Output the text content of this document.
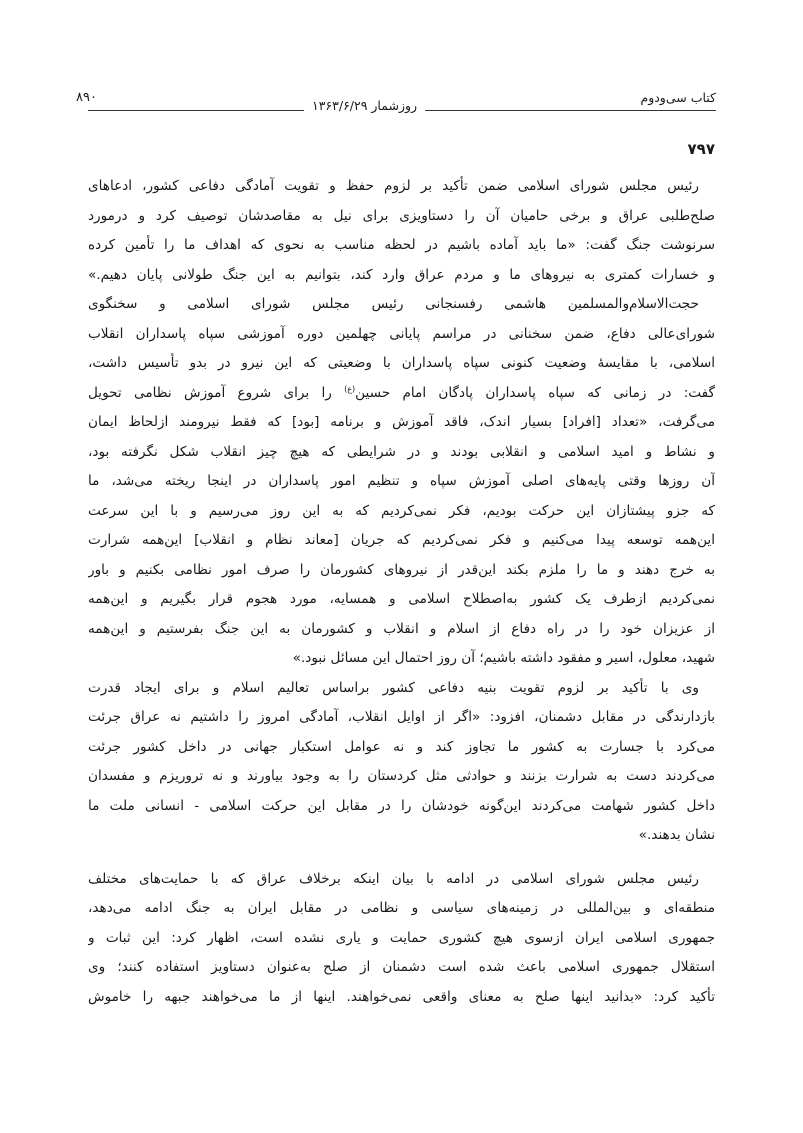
۸۹۰
روزشمار ۱۳۶۳/۶/۲۹
کتاب سی‌ودوم
۷۹۷
رئیس مجلس شورای اسلامی ضمن تأکید بر لزوم حفظ و تقویت آمادگی دفاعی کشور، ادعاهای
صلح‌طلبی عراق و برخی حامیان آن را دستاویزی برای نیل به مقاصدشان توصیف کرد و درمورد
سرنوشت جنگ گفت: «ما باید آماده باشیم در لحظه مناسب به نحوی که اهداف ما را تأمین کرده
و خسارات کمتری به نیروهای ما و مردم عراق وارد کند، بتوانیم به این جنگ طولانی پایان دهیم.»
حجت‌الاسلام‌والمسلمین هاشمی رفسنجانی رئیس مجلس شورای اسلامی و سخنگوی
شورای‌عالی دفاع، ضمن سخنانی در مراسم پایانی چهلمین دوره آموزشی سپاه پاسداران انقلاب
اسلامی، با مقایسهٔ وضعیت کنونی سپاه پاسداران با وضعیتی که این نیرو در بدو تأسیس داشت،
گفت: در زمانی که سپاه پاسداران پادگان امام حسین$^{(ع)}$ را برای شروع آموزش نظامی تحویل
می‌گرفت، «تعداد [افراد] بسیار اندک، فاقد آموزش و برنامه [بود] که فقط نیرومند ازلحاظ ایمان
و نشاط و امید اسلامی و انقلابی بودند و در شرایطی که هیچ چیز انقلاب شکل نگرفته بود،
آن روزها وقتی پایه‌های اصلی آموزش سپاه و تنظیم امور پاسداران در اینجا ریخته می‌شد، ما
که جزو پیشتازان این حرکت بودیم، فکر نمی‌کردیم که به این روز می‌رسیم و با این سرعت
این‌همه توسعه پیدا می‌کنیم و فکر نمی‌کردیم که جریان [معاند نظام و انقلاب] این‌همه شرارت
به خرج دهند و ما را ملزم بکند این‌قدر از نیروهای کشورمان را صرف امور نظامی بکنیم و باور
نمی‌کردیم ازطرف یک کشور به‌اصطلاح اسلامی و همسایه، مورد هجوم قرار بگیریم و این‌همه
از عزیزان خود را در راه دفاع از اسلام و انقلاب و کشورمان به این جنگ بفرستیم و این‌همه
شهید، معلول، اسیر و مفقود داشته باشیم؛ آن روز احتمال این مسائل نبود.»
وی با تأکید بر لزوم تقویت بنیه دفاعی کشور براساس تعالیم اسلام و برای ایجاد قدرت
بازدارندگی در مقابل دشمنان، افزود: «اگر از اوایل انقلاب، آمادگی امروز را داشتیم نه عراق جرئت
می‌کرد با جسارت به کشور ما تجاوز کند و نه عوامل استکبار جهانی در داخل کشور جرئت
می‌کردند دست به شرارت بزنند و حوادثی مثل کردستان را به وجود بیاورند و نه تروریزم و مفسدان
داخل کشور شهامت می‌کردند این‌گونه خودشان را در مقابل این حرکت اسلامی - انسانی ملت ما
نشان بدهند.»
رئیس مجلس شورای اسلامی در ادامه با بیان اینکه برخلاف عراق که با حمایت‌های مختلف
منطقه‌ای و بین‌المللی در زمینه‌های سیاسی و نظامی در مقابل ایران به جنگ ادامه می‌دهد،
جمهوری اسلامی ایران ازسوی هیچ کشوری حمایت و یاری نشده است، اظهار کرد: این ثبات و
استقلال جمهوری اسلامی باعث شده است دشمنان از صلح به‌عنوان دستاویز استفاده کنند؛ وی
تأکید کرد: «بدانید اینها صلح به معنای واقعی نمی‌خواهند. اینها از ما می‌خواهند جبهه را خاموش
